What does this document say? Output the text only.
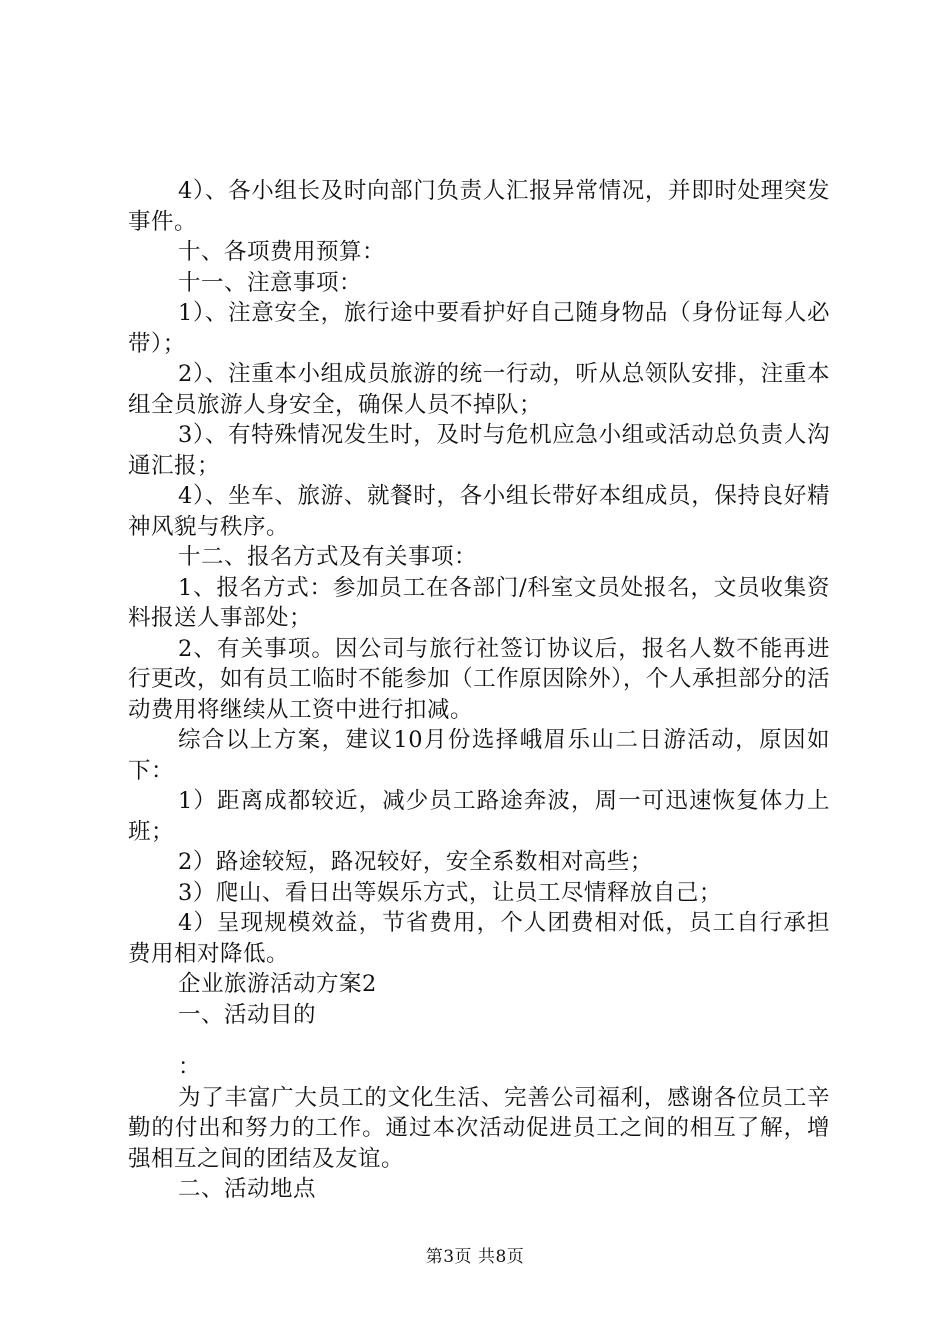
4）、各小组长及时向部门负责人汇报异常情况，并即时处理突发事件。

十、各项费用预算：

十一、注意事项：

1）、注意安全，旅行途中要看护好自己随身物品（身份证每人必带）；

2）、注重本小组成员旅游的统一行动，听从总领队安排，注重本组全员旅游人身安全，确保人员不掉队；

3）、有特殊情况发生时，及时与危机应急小组或活动总负责人沟通汇报；

4）、坐车、旅游、就餐时，各小组长带好本组成员，保持良好精神风貌与秩序。

十二、报名方式及有关事项：

1、报名方式：参加员工在各部门/科室文员处报名，文员收集资料报送人事部处；

2、有关事项。因公司与旅行社签订协议后，报名人数不能再进行更改，如有员工临时不能参加（工作原因除外），个人承担部分的活动费用将继续从工资中进行扣减。

综合以上方案，建议10月份选择峨眉乐山二日游活动，原因如下：

1）距离成都较近，减少员工路途奔波，周一可迅速恢复体力上班；

2）路途较短，路况较好，安全系数相对高些；

3）爬山、看日出等娱乐方式，让员工尽情释放自己；

4）呈现规模效益，节省费用，个人团费相对低，员工自行承担费用相对降低。

企业旅游活动方案2

一、活动目的

：

为了丰富广大员工的文化生活、完善公司福利，感谢各位员工辛勤的付出和努力的工作。通过本次活动促进员工之间的相互了解，增强相互之间的团结及友谊。

二、活动地点

第3页 共8页
